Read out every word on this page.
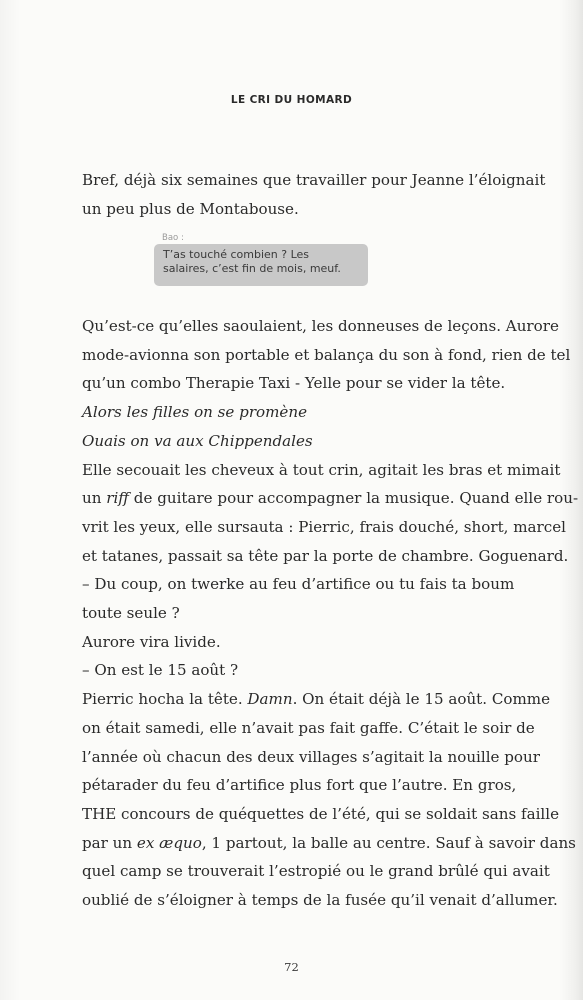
LE CRI DU HOMARD
Bref, déjà six semaines que travailler pour Jeanne l’éloignait
un peu plus de Montabouse.
Bao :
T’as touché combien ? Les
salaires, c’est fin de mois, meuf.
Qu’est-ce qu’elles saoulaient, les donneuses de leçons. Aurore
mode-avionna son portable et balança du son à fond, rien de tel
qu’un combo Therapie Taxi - Yelle pour se vider la tête.
Alors les filles on se promène
Ouais on va aux Chippendales
Elle secouait les cheveux à tout crin, agitait les bras et mimait
un riff de guitare pour accompagner la musique. Quand elle rou-
vrit les yeux, elle sursauta : Pierric, frais douché, short, marcel
et tatanes, passait sa tête par la porte de chambre. Goguenard.
– Du coup, on twerke au feu d’artifice ou tu fais ta boum
toute seule ?
Aurore vira livide.
– On est le 15 août ?
Pierric hocha la tête. Damn. On était déjà le 15 août. Comme
on était samedi, elle n’avait pas fait gaffe. C’était le soir de
l’année où chacun des deux villages s’agitait la nouille pour
pétarader du feu d’artifice plus fort que l’autre. En gros,
THE concours de quéquettes de l’été, qui se soldait sans faille
par un ex æquo, 1 partout, la balle au centre. Sauf à savoir dans
quel camp se trouverait l’estropié ou le grand brûlé qui avait
oublié de s’éloigner à temps de la fusée qu’il venait d’allumer.
72
